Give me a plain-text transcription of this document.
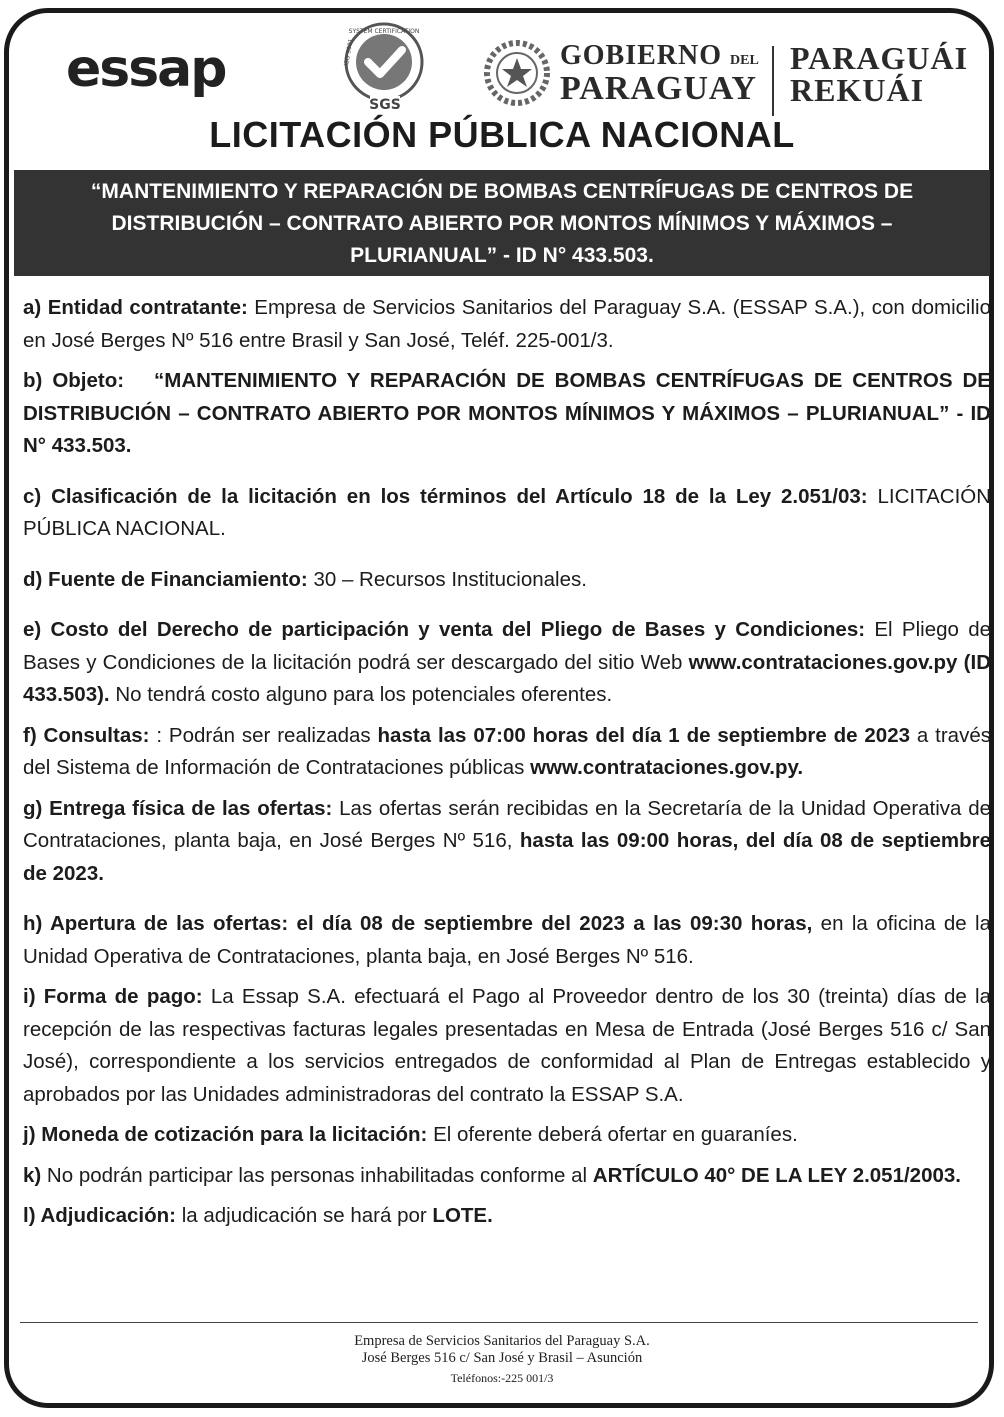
essap
SYSTEM CERTIFICATION
ISO 9001
SGS
GOBIERNO DEL
PARAGUAY
PARAGUÁI
REKUÁI
LICITACIÓN PÚBLICA NACIONAL
“MANTENIMIENTO Y REPARACIÓN DE BOMBAS CENTRÍFUGAS DE CENTROS DE DISTRIBUCIÓN – CONTRATO ABIERTO POR MONTOS MÍNIMOS Y MÁXIMOS – PLURIANUAL” - ID N° 433.503.

a) Entidad contratante: Empresa de Servicios Sanitarios del Paraguay S.A. (ESSAP S.A.), con domicilio en José Berges Nº 516 entre Brasil y San José, Teléf. 225-001/3.

b) Objeto: “MANTENIMIENTO Y REPARACIÓN DE BOMBAS CENTRÍFUGAS DE CENTROS DE DISTRIBUCIÓN – CONTRATO ABIERTO POR MONTOS MÍNIMOS Y MÁXIMOS – PLURIANUAL” - ID N° 433.503.

c) Clasificación de la licitación en los términos del Artículo 18 de la Ley 2.051/03: LICITACIÓN PÚBLICA NACIONAL.

d) Fuente de Financiamiento: 30 – Recursos Institucionales.

e) Costo del Derecho de participación y venta del Pliego de Bases y Condiciones: El Pliego de Bases y Condiciones de la licitación podrá ser descargado del sitio Web www.contrataciones.gov.py (ID 433.503). No tendrá costo alguno para los potenciales oferentes.

f) Consultas: : Podrán ser realizadas hasta las 07:00 horas del día 1 de septiembre de 2023 a través del Sistema de Información de Contrataciones públicas www.contrataciones.gov.py.

g) Entrega física de las ofertas: Las ofertas serán recibidas en la Secretaría de la Unidad Operativa de Contrataciones, planta baja, en José Berges Nº 516, hasta las 09:00 horas, del día 08 de septiembre de 2023.

h) Apertura de las ofertas: el día 08 de septiembre del 2023 a las 09:30 horas, en la oficina de la Unidad Operativa de Contrataciones, planta baja, en José Berges Nº 516.

i) Forma de pago: La Essap S.A. efectuará el Pago al Proveedor dentro de los 30 (treinta) días de la recepción de las respectivas facturas legales presentadas en Mesa de Entrada (José Berges 516 c/ San José), correspondiente a los servicios entregados de conformidad al Plan de Entregas establecido y aprobados por las Unidades administradoras del contrato la ESSAP S.A.

j) Moneda de cotización para la licitación: El oferente deberá ofertar en guaraníes.

k) No podrán participar las personas inhabilitadas conforme al ARTÍCULO 40° DE LA LEY 2.051/2003.

l) Adjudicación: la adjudicación se hará por LOTE.

Empresa de Servicios Sanitarios del Paraguay S.A.
José Berges 516 c/ San José y Brasil – Asunción
Teléfonos:-225 001/3
